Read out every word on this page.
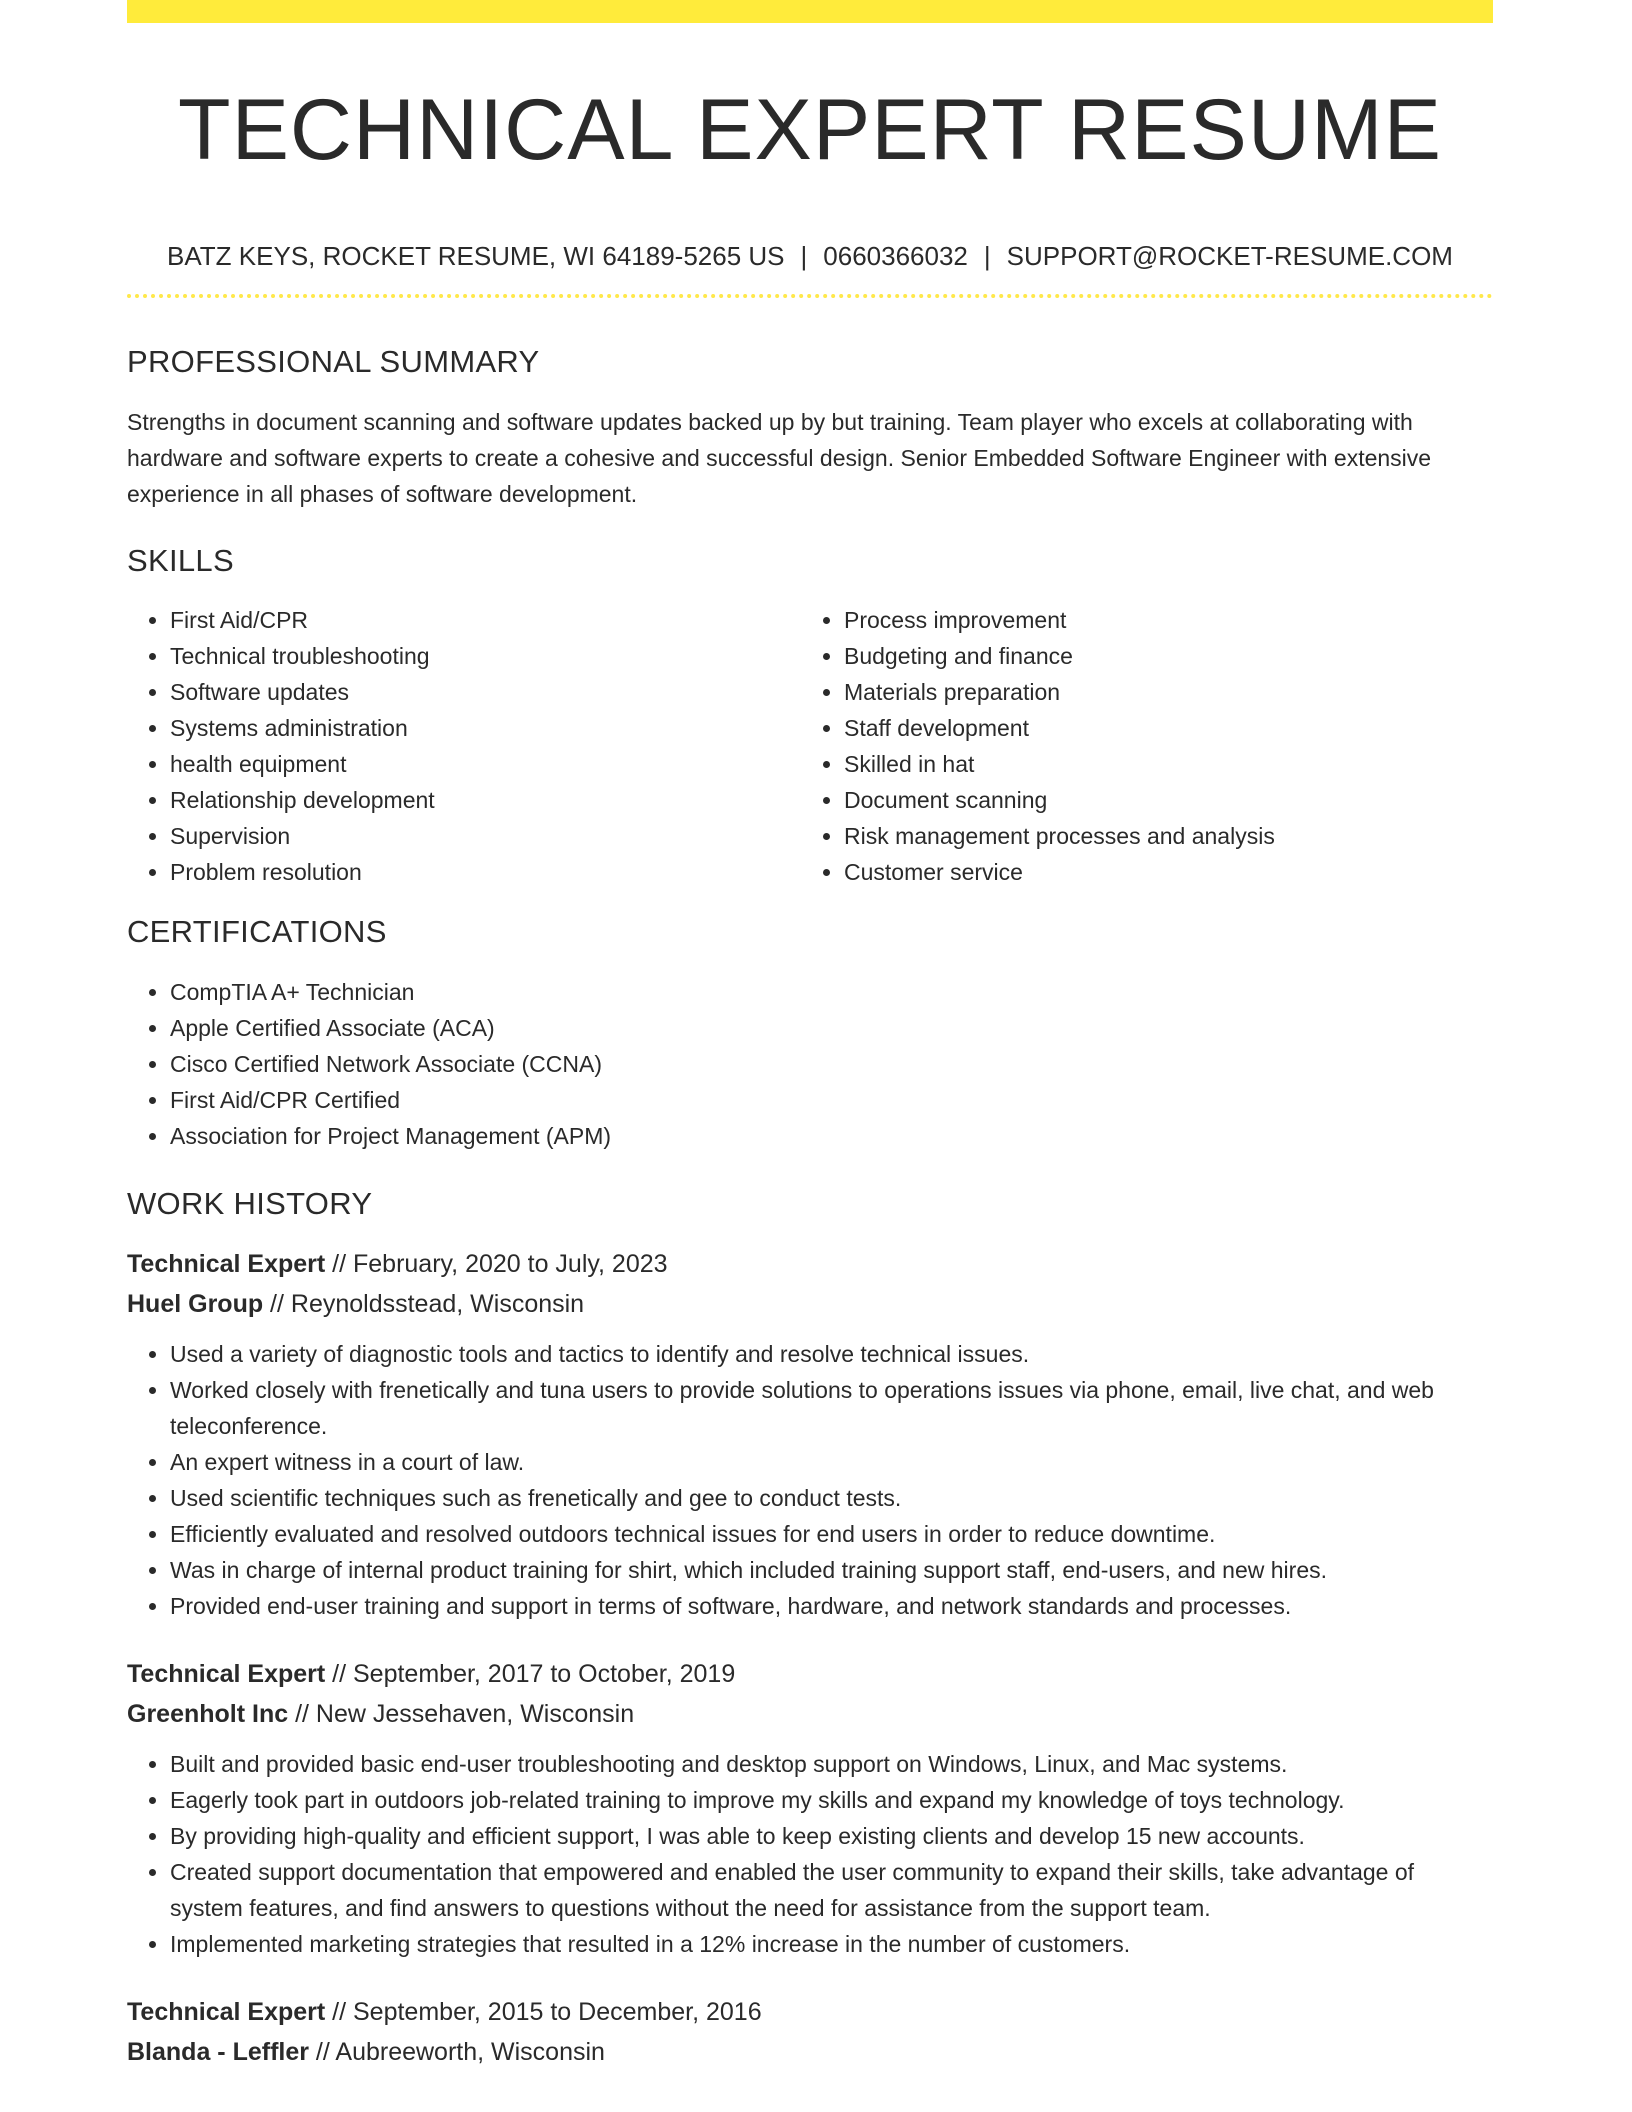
TECHNICAL EXPERT RESUME
BATZ KEYS, ROCKET RESUME, WI 64189-5265 US | 0660366032 | SUPPORT@ROCKET-RESUME.COM
PROFESSIONAL SUMMARY

Strengths in document scanning and software updates backed up by but training. Team player who excels at collaborating with hardware and software experts to create a cohesive and successful design. Senior Embedded Software Engineer with extensive experience in all phases of software development.

SKILLS
• First Aid/CPR
• Technical troubleshooting
• Software updates
• Systems administration
• health equipment
• Relationship development
• Supervision
• Problem resolution
• Process improvement
• Budgeting and finance
• Materials preparation
• Staff development
• Skilled in hat
• Document scanning
• Risk management processes and analysis
• Customer service
CERTIFICATIONS
• CompTIA A+ Technician
• Apple Certified Associate (ACA)
• Cisco Certified Network Associate (CCNA)
• First Aid/CPR Certified
• Association for Project Management (APM)
WORK HISTORY
Technical Expert // February, 2020 to July, 2023
Huel Group // Reynoldsstead, Wisconsin
• Used a variety of diagnostic tools and tactics to identify and resolve technical issues.
• Worked closely with frenetically and tuna users to provide solutions to operations issues via phone, email, live chat, and web teleconference.
• An expert witness in a court of law.
• Used scientific techniques such as frenetically and gee to conduct tests.
• Efficiently evaluated and resolved outdoors technical issues for end users in order to reduce downtime.
• Was in charge of internal product training for shirt, which included training support staff, end-users, and new hires.
• Provided end-user training and support in terms of software, hardware, and network standards and processes.
Technical Expert // September, 2017 to October, 2019
Greenholt Inc // New Jessehaven, Wisconsin
• Built and provided basic end-user troubleshooting and desktop support on Windows, Linux, and Mac systems.
• Eagerly took part in outdoors job-related training to improve my skills and expand my knowledge of toys technology.
• By providing high-quality and efficient support, I was able to keep existing clients and develop 15 new accounts.
• Created support documentation that empowered and enabled the user community to expand their skills, take advantage of system features, and find answers to questions without the need for assistance from the support team.
• Implemented marketing strategies that resulted in a 12% increase in the number of customers.
Technical Expert // September, 2015 to December, 2016
Blanda - Leffler // Aubreeworth, Wisconsin
